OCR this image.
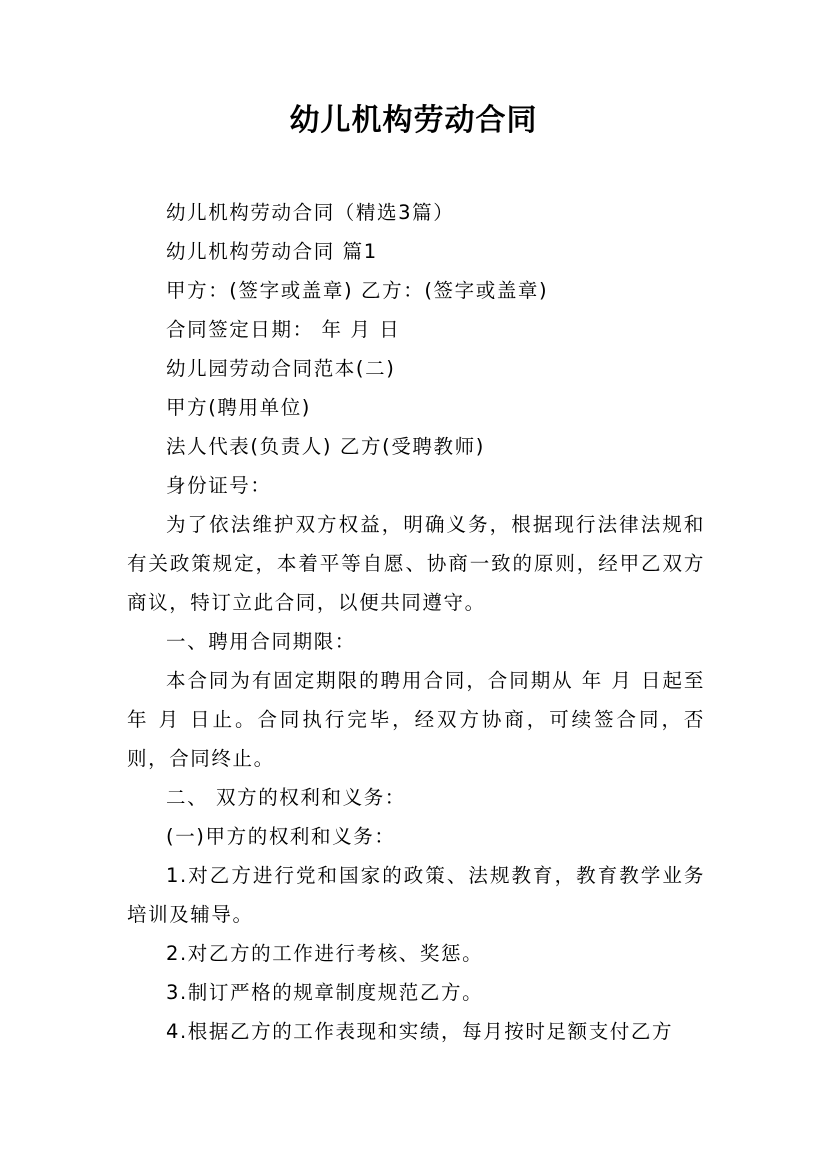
幼儿机构劳动合同

幼儿机构劳动合同（精选3篇）

幼儿机构劳动合同 篇1

甲方：(签字或盖章) 乙方：(签字或盖章)

合同签定日期： 年 月 日

幼儿园劳动合同范本(二)

甲方(聘用单位)

法人代表(负责人) 乙方(受聘教师)

身份证号：

为了依法维护双方权益，明确义务，根据现行法律法规和有关政策规定，本着平等自愿、协商一致的原则，经甲乙双方商议，特订立此合同，以便共同遵守。

一、聘用合同期限：

本合同为有固定期限的聘用合同，合同期从 年 月 日起至 年 月 日止。合同执行完毕，经双方协商，可续签合同，否则，合同终止。

二、 双方的权利和义务：

(一)甲方的权利和义务：

1.对乙方进行党和国家的政策、法规教育，教育教学业务培训及辅导。

2.对乙方的工作进行考核、奖惩。

3.制订严格的规章制度规范乙方。

4.根据乙方的工作表现和实绩，每月按时足额支付乙方
